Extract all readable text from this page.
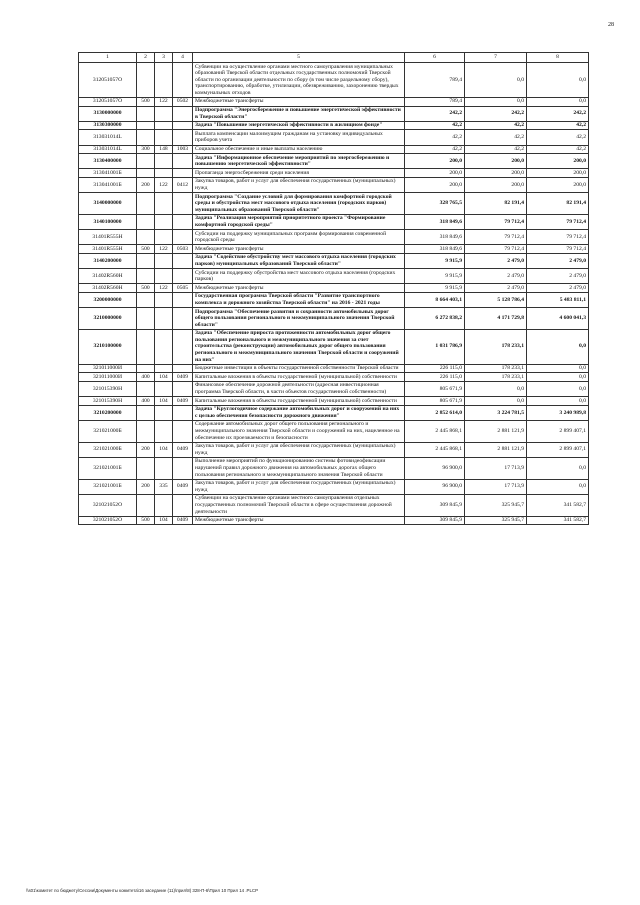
28
1	2	3	4	5	6	7	8
312051057О				Субвенции на осуществление органами местного самоуправления муниципальных образований Тверской области отдельных государственных полномочий Тверской области по организации деятельности по сбору (в том числе раздельному сбору), транспортированию, обработке, утилизации, обезвреживанию, захоронению твердых коммунальных отходов	789,4	0,0	0,0
312051057О	500	122	0502	Межбюджетные трансферты	789,4	0,0	0,0
3130000000				Подпрограмма "Энергосбережение и повышение энергетической эффективности в Тверской области"	242,2	242,2	242,2
3130300000				Задача "Повышение энергетической эффективности в жилищном фонде"	42,2	42,2	42,2
313031014L				Выплата компенсации малоимущим гражданам на установку индивидуальных приборов учета	42,2	42,2	42,2
313031014L	300	148	1003	Социальное обеспечение и иные выплаты населению	42,2	42,2	42,2
3130400000				Задача "Информационное обеспечение мероприятий по энергосбережению и повышению энергетической эффективности"	200,0	200,0	200,0
313041001Б				Пропаганда энергосбережения среди населения	200,0	200,0	200,0
313041001Б	200	122	0412	Закупка товаров, работ и услуг для обеспечения государственных (муниципальных) нужд	200,0	200,0	200,0
3140000000				Подпрограмма "Создание условий для формирования комфортной городской среды и обустройства мест массового отдыха населения (городских парков) муниципальных образований Тверской области"	328 765,5	82 191,4	82 191,4
3140100000				Задача "Реализация мероприятий приоритетного проекта "Формирование комфортной городской среды"	318 849,6	79 712,4	79 712,4
31401R555Н				Субсидии на поддержку муниципальных программ формирования современной городской среды	318 849,6	79 712,4	79 712,4
31401R555Н	500	122	0503	Межбюджетные трансферты	318 849,6	79 712,4	79 712,4
3140200000				Задача "Содействие обустройству мест массового отдыха населения (городских парков) муниципальных образований Тверской области"	9 915,9	2 479,0	2 479,0
31402R560Н				Субсидии на поддержку обустройства мест массового отдыха населения (городских парков)	9 915,9	2 479,0	2 479,0
31402R560Н	500	122	0505	Межбюджетные трансферты	9 915,9	2 479,0	2 479,0
3200000000				Государственная программа Тверской области "Развитие транспортного комплекса и дорожного хозяйства Тверской области" на 2016 - 2021 годы	8 664 403,1	5 128 786,4	5 483 811,1
3210000000				Подпрограмма "Обеспечение развития и сохранности автомобильных дорог общего пользования регионального и межмуниципального значения Тверской области"	6 272 838,2	4 171 729,8	4 600 041,3
3210100000				Задача "Обеспечение прироста протяженности автомобильных дорог общего пользования регионального и межмуниципального значения за счет строительства (реконструкции) автомобильных дорог общего пользования регионального и межмуниципального значения Тверской области и сооружений на них"	1 031 786,9	178 233,1	0,0
321011000И				Бюджетные инвестиции в объекты государственной собственности Тверской области	226 115,0	178 233,1	0,0
321011000И	400	104	0409	Капитальные вложения в объекты государственной (муниципальной) собственности	226 115,0	178 233,1	0,0
321015390Н				Финансовое обеспечение дорожной деятельности (адресная инвестиционная программа Тверской области, в части объектов государственной собственности)	805 671,9	0,0	0,0
321015390Н	400	104	0409	Капитальные вложения в объекты государственной (муниципальной) собственности	805 671,9	0,0	0,0
3210200000				Задача "Круглогодичное содержание автомобильных дорог и сооружений на них с целью обеспечения безопасности дорожного движения"	2 852 614,0	3 224 781,5	3 240 989,8
321021000Б				Содержание автомобильных дорог общего пользования регионального и межмуниципального значения Тверской области и сооружений на них, нацеленное на обеспечение их проезжаемости и безопасности	2 445 868,1	2 881 121,9	2 899 407,1
321021000Б	200	104	0409	Закупка товаров, работ и услуг для обеспечения государственных (муниципальных) нужд	2 445 868,1	2 881 121,9	2 899 407,1
321021001Б				Выполнение мероприятий по функционированию системы фотовидеофиксации нарушений правил дорожного движения на автомобильных дорогах общего пользования регионального и межмуниципального значения Тверской области	96 900,0	17 713,9	0,0
321021001Б	200	335	0409	Закупка товаров, работ и услуг для обеспечения государственных (муниципальных) нужд	96 900,0	17 713,9	0,0
321021052О				Субвенции на осуществление органами местного самоуправления отдельных государственных полномочий Тверской области в сфере осуществления дорожной деятельности	309 845,9	325 945,7	341 582,7
321021052О	500	104	0409	Межбюджетные трансферты	309 845,9	325 945,7	341 582,7
\\s01\комитет по бюджету\Сессии\Документы комитета\16 заседание (11)\прил\8) 328-П-6\Прил 10 Прил 14 .PLCP
